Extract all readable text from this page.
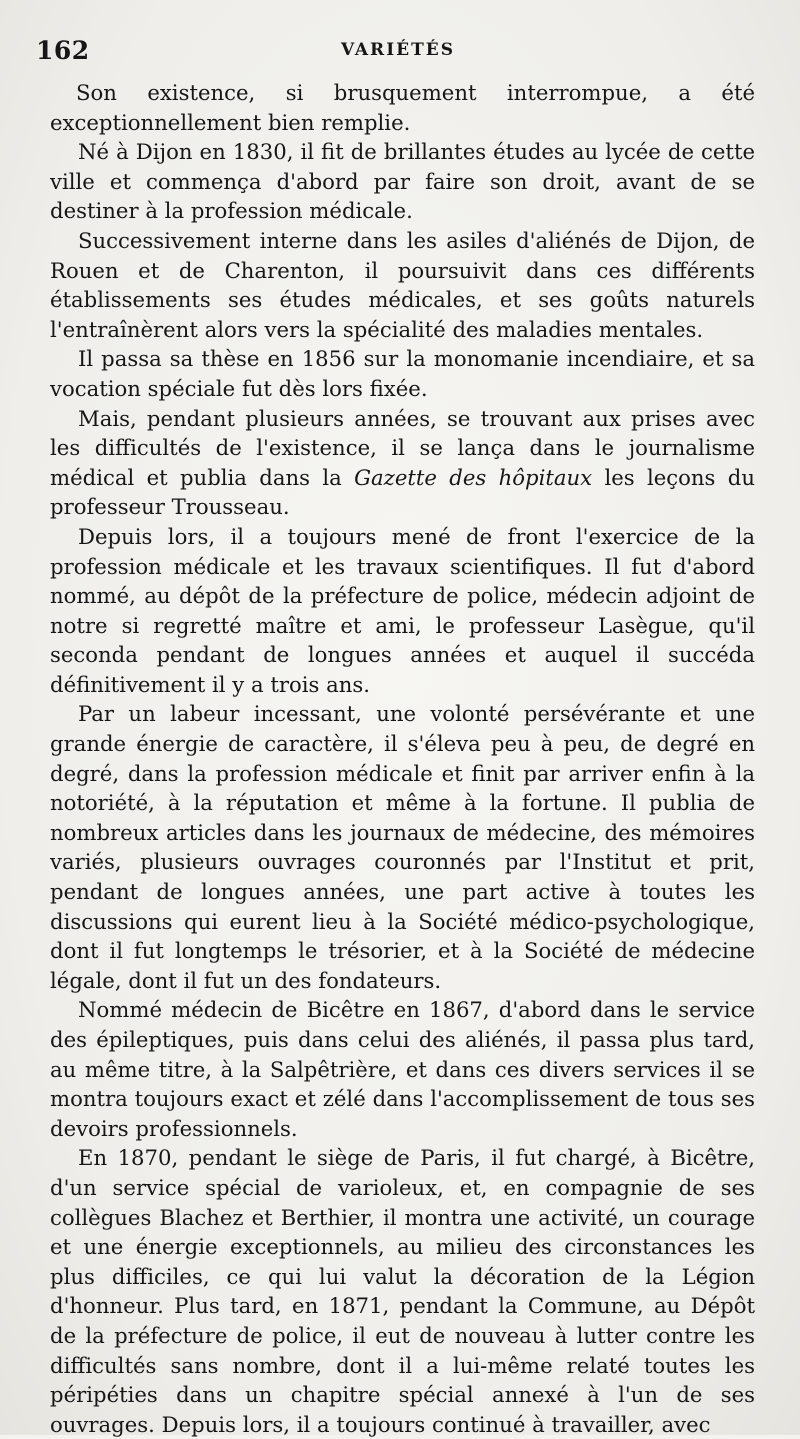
162	VARIÉTÉS

Son existence, si brusquement interrompue, a été exceptionnellement bien remplie.

Né à Dijon en 1830, il fit de brillantes études au lycée de cette ville et commença d'abord par faire son droit, avant de se destiner à la profession médicale.

Successivement interne dans les asiles d'aliénés de Dijon, de Rouen et de Charenton, il poursuivit dans ces différents établissements ses études médicales, et ses goûts naturels l'entraînèrent alors vers la spécialité des maladies mentales.

Il passa sa thèse en 1856 sur la monomanie incendiaire, et sa vocation spéciale fut dès lors fixée.

Mais, pendant plusieurs années, se trouvant aux prises avec les difficultés de l'existence, il se lança dans le journalisme médical et publia dans la Gazette des hôpitaux les leçons du professeur Trousseau.

Depuis lors, il a toujours mené de front l'exercice de la profession médicale et les travaux scientifiques. Il fut d'abord nommé, au dépôt de la préfecture de police, médecin adjoint de notre si regretté maître et ami, le professeur Lasègue, qu'il seconda pendant de longues années et auquel il succéda définitivement il y a trois ans.

Par un labeur incessant, une volonté persévérante et une grande énergie de caractère, il s'éleva peu à peu, de degré en degré, dans la profession médicale et finit par arriver enfin à la notoriété, à la réputation et même à la fortune. Il publia de nombreux articles dans les journaux de médecine, des mémoires variés, plusieurs ouvrages couronnés par l'Institut et prit, pendant de longues années, une part active à toutes les discussions qui eurent lieu à la Société médico-psychologique, dont il fut longtemps le trésorier, et à la Société de médecine légale, dont il fut un des fondateurs.

Nommé médecin de Bicêtre en 1867, d'abord dans le service des épileptiques, puis dans celui des aliénés, il passa plus tard, au même titre, à la Salpêtrière, et dans ces divers services il se montra toujours exact et zélé dans l'accomplissement de tous ses devoirs professionnels.

En 1870, pendant le siège de Paris, il fut chargé, à Bicêtre, d'un service spécial de varioleux, et, en compagnie de ses collègues Blachez et Berthier, il montra une activité, un courage et une énergie exceptionnels, au milieu des circonstances les plus difficiles, ce qui lui valut la décoration de la Légion d'honneur. Plus tard, en 1871, pendant la Commune, au Dépôt de la préfecture de police, il eut de nouveau à lutter contre les difficultés sans nombre, dont il a lui-même relaté toutes les péripéties dans un chapitre spécial annexé à l'un de ses ouvrages. Depuis lors, il a toujours continué à travailler, avec
